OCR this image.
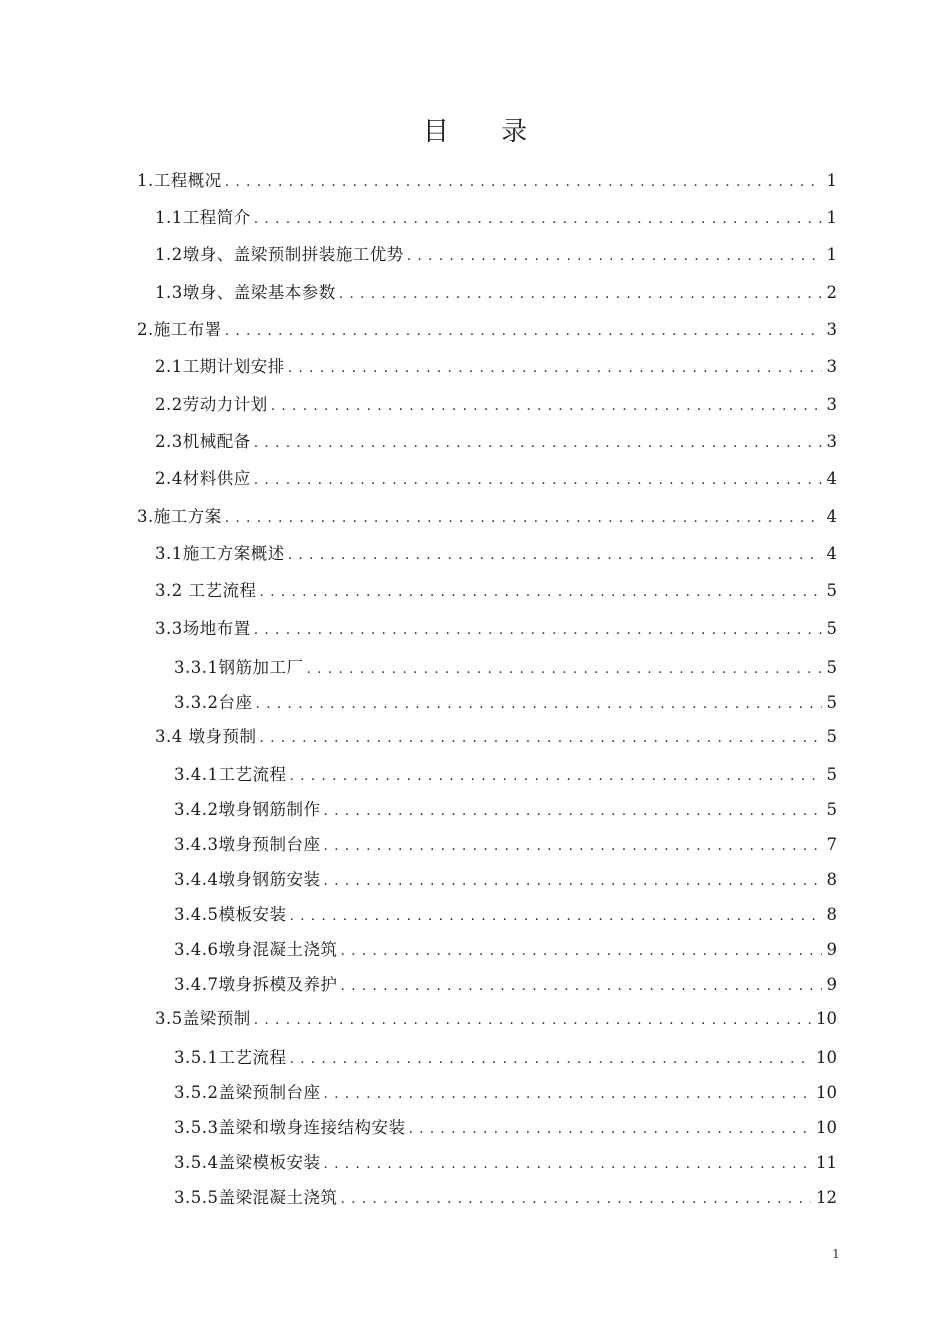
目 录
1.工程概况 .....	1
1.1工程简介 .....	1
1.2墩身、盖梁预制拼装施工优势 .....	1
1.3墩身、盖梁基本参数 .....	2
2.施工布署 .....	3
2.1工期计划安排 .....	3
2.2劳动力计划 .....	3
2.3机械配备 .....	3
2.4材料供应 .....	4
3.施工方案 .....	4
3.1施工方案概述 .....	4
3.2 工艺流程 .....	5
3.3场地布置 .....	5
3.3.1钢筋加工厂 .....	5
3.3.2台座 .....	5
3.4 墩身预制 .....	5
3.4.1工艺流程 .....	5
3.4.2墩身钢筋制作 .....	5
3.4.3墩身预制台座 .....	7
3.4.4墩身钢筋安装 .....	8
3.4.5模板安装 .....	8
3.4.6墩身混凝土浇筑 .....	9
3.4.7墩身拆模及养护 .....	9
3.5盖梁预制 .....	10
3.5.1工艺流程 .....	10
3.5.2盖梁预制台座 .....	10
3.5.3盖梁和墩身连接结构安装 .....	10
3.5.4盖梁模板安装 .....	11
3.5.5盖梁混凝土浇筑 .....	12
1
